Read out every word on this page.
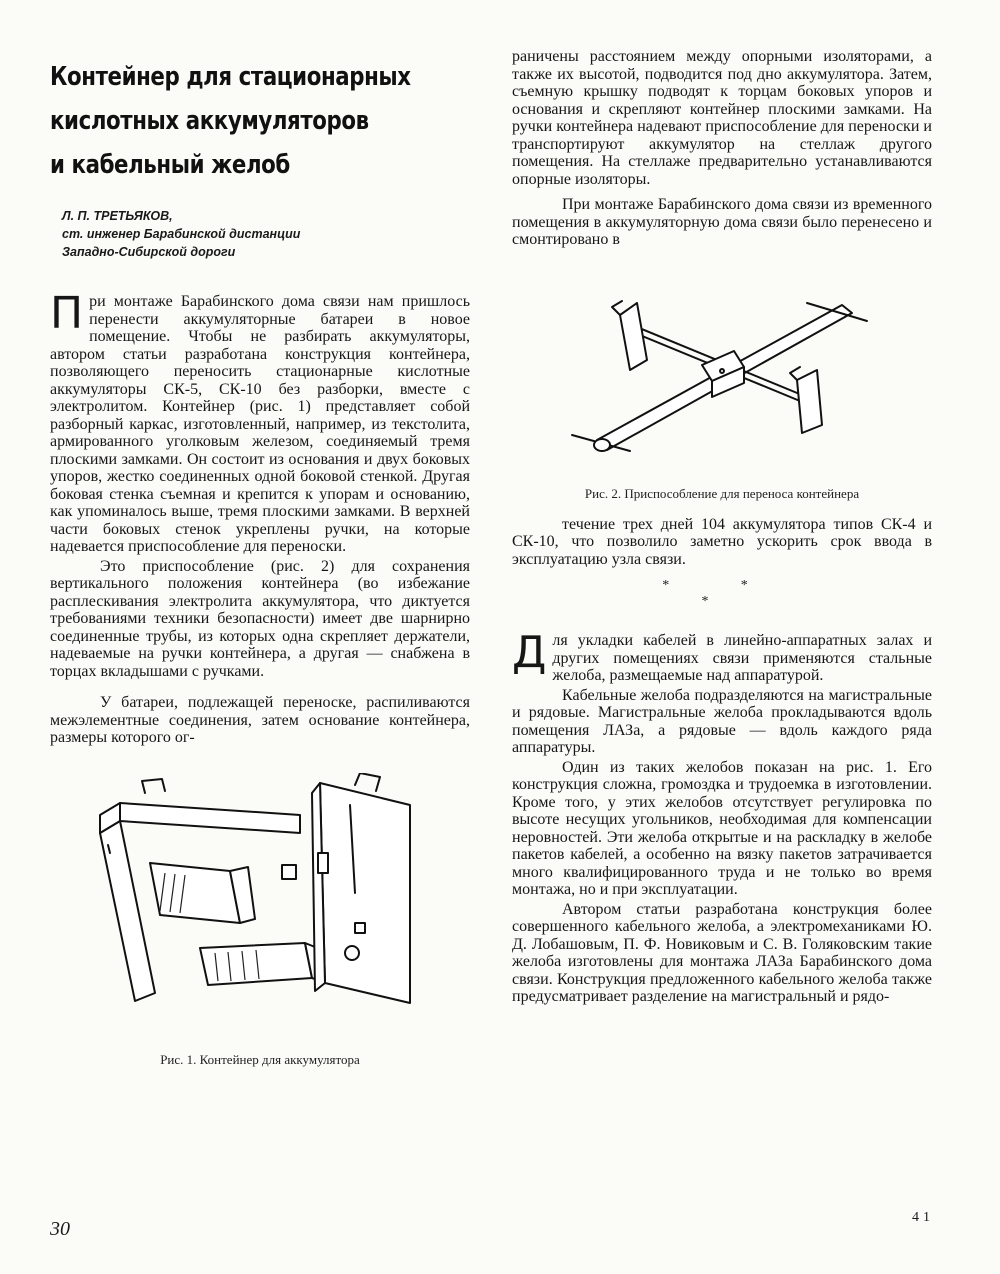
Контейнер для стационарных
кислотных аккумуляторов
и кабельный желоб
Л. П. ТРЕТЬЯКОВ,
ст. инженер Барабинской дистанции
Западно-Сибирской дороги

При монтаже Барабинского дома связи нам пришлось перенести аккумуляторные батареи в новое помещение. Чтобы не разбирать аккумуляторы, автором статьи разработана конструкция контейнера, позволяющего переносить стационарные кислотные аккумуляторы СК-5, СК-10 без разборки, вместе с электролитом. Контейнер (рис. 1) представляет собой разборный каркас, изготовленный, например, из текстолита, армированного уголковым железом, соединяемый тремя плоскими замками. Он состоит из основания и двух боковых упоров, жестко соединенных одной боковой стенкой. Другая боковая стенка съемная и крепится к упорам и основанию, как упоминалось выше, тремя плоскими замками. В верхней части боковых стенок укреплены ручки, на которые надевается приспособление для переноски.

Это приспособление (рис. 2) для сохранения вертикального положения контейнера (во избежание расплескивания электролита аккумулятора, что диктуется требованиями техники безопасности) имеет две шарнирно соединенные трубы, из которых одна скрепляет держатели, надеваемые на ручки контейнера, а другая — снабжена в торцах вкладышами с ручками.

У батареи, подлежащей переноске, распиливаются межэлементные соединения, затем основание контейнера, размеры которого ог-

Рис. 1. Контейнер для аккумулятора

раничены расстоянием между опорными изоляторами, а также их высотой, подводится под дно аккумулятора. Затем, съемную крышку подводят к торцам боковых упоров и основания и скрепляют контейнер плоскими замками. На ручки контейнера надевают приспособление для переноски и транспортируют аккумулятор на стеллаж другого помещения. На стеллаже предварительно устанавливаются опорные изоляторы.

При монтаже Барабинского дома связи из временного помещения в аккумуляторную дома связи было перенесено и смонтировано в

Рис. 2. Приспособление для переноса контейнера

течение трех дней 104 аккумулятора типов СК-4 и СК-10, что позволило заметно ускорить срок ввода в эксплуатацию узла связи.

* *
*

Для укладки кабелей в линейно-аппаратных залах и других помещениях связи применяются стальные желоба, размещаемые над аппаратурой.

Кабельные желоба подразделяются на магистральные и рядовые. Магистральные желоба прокладываются вдоль помещения ЛАЗа, а рядовые — вдоль каждого ряда аппаратуры.

Один из таких желобов показан на рис. 1. Его конструкция сложна, громоздка и трудоемка в изготовлении. Кроме того, у этих желобов отсутствует регулировка по высоте несущих угольников, необходимая для компенсации неровностей. Эти желоба открытые и на раскладку в желобе пакетов кабелей, а особенно на вязку пакетов затрачивается много квалифицированного труда и не только во время монтажа, но и при эксплуатации.

Автором статьи разработана конструкция более совершенного кабельного желоба, а электромеханиками Ю. Д. Лобашовым, П. Ф. Новиковым и С. В. Голяковским такие желоба изготовлены для монтажа ЛАЗа Барабинского дома связи. Конструкция предложенного кабельного желоба также предусматривает разделение на магистральный и рядо-

30
41
